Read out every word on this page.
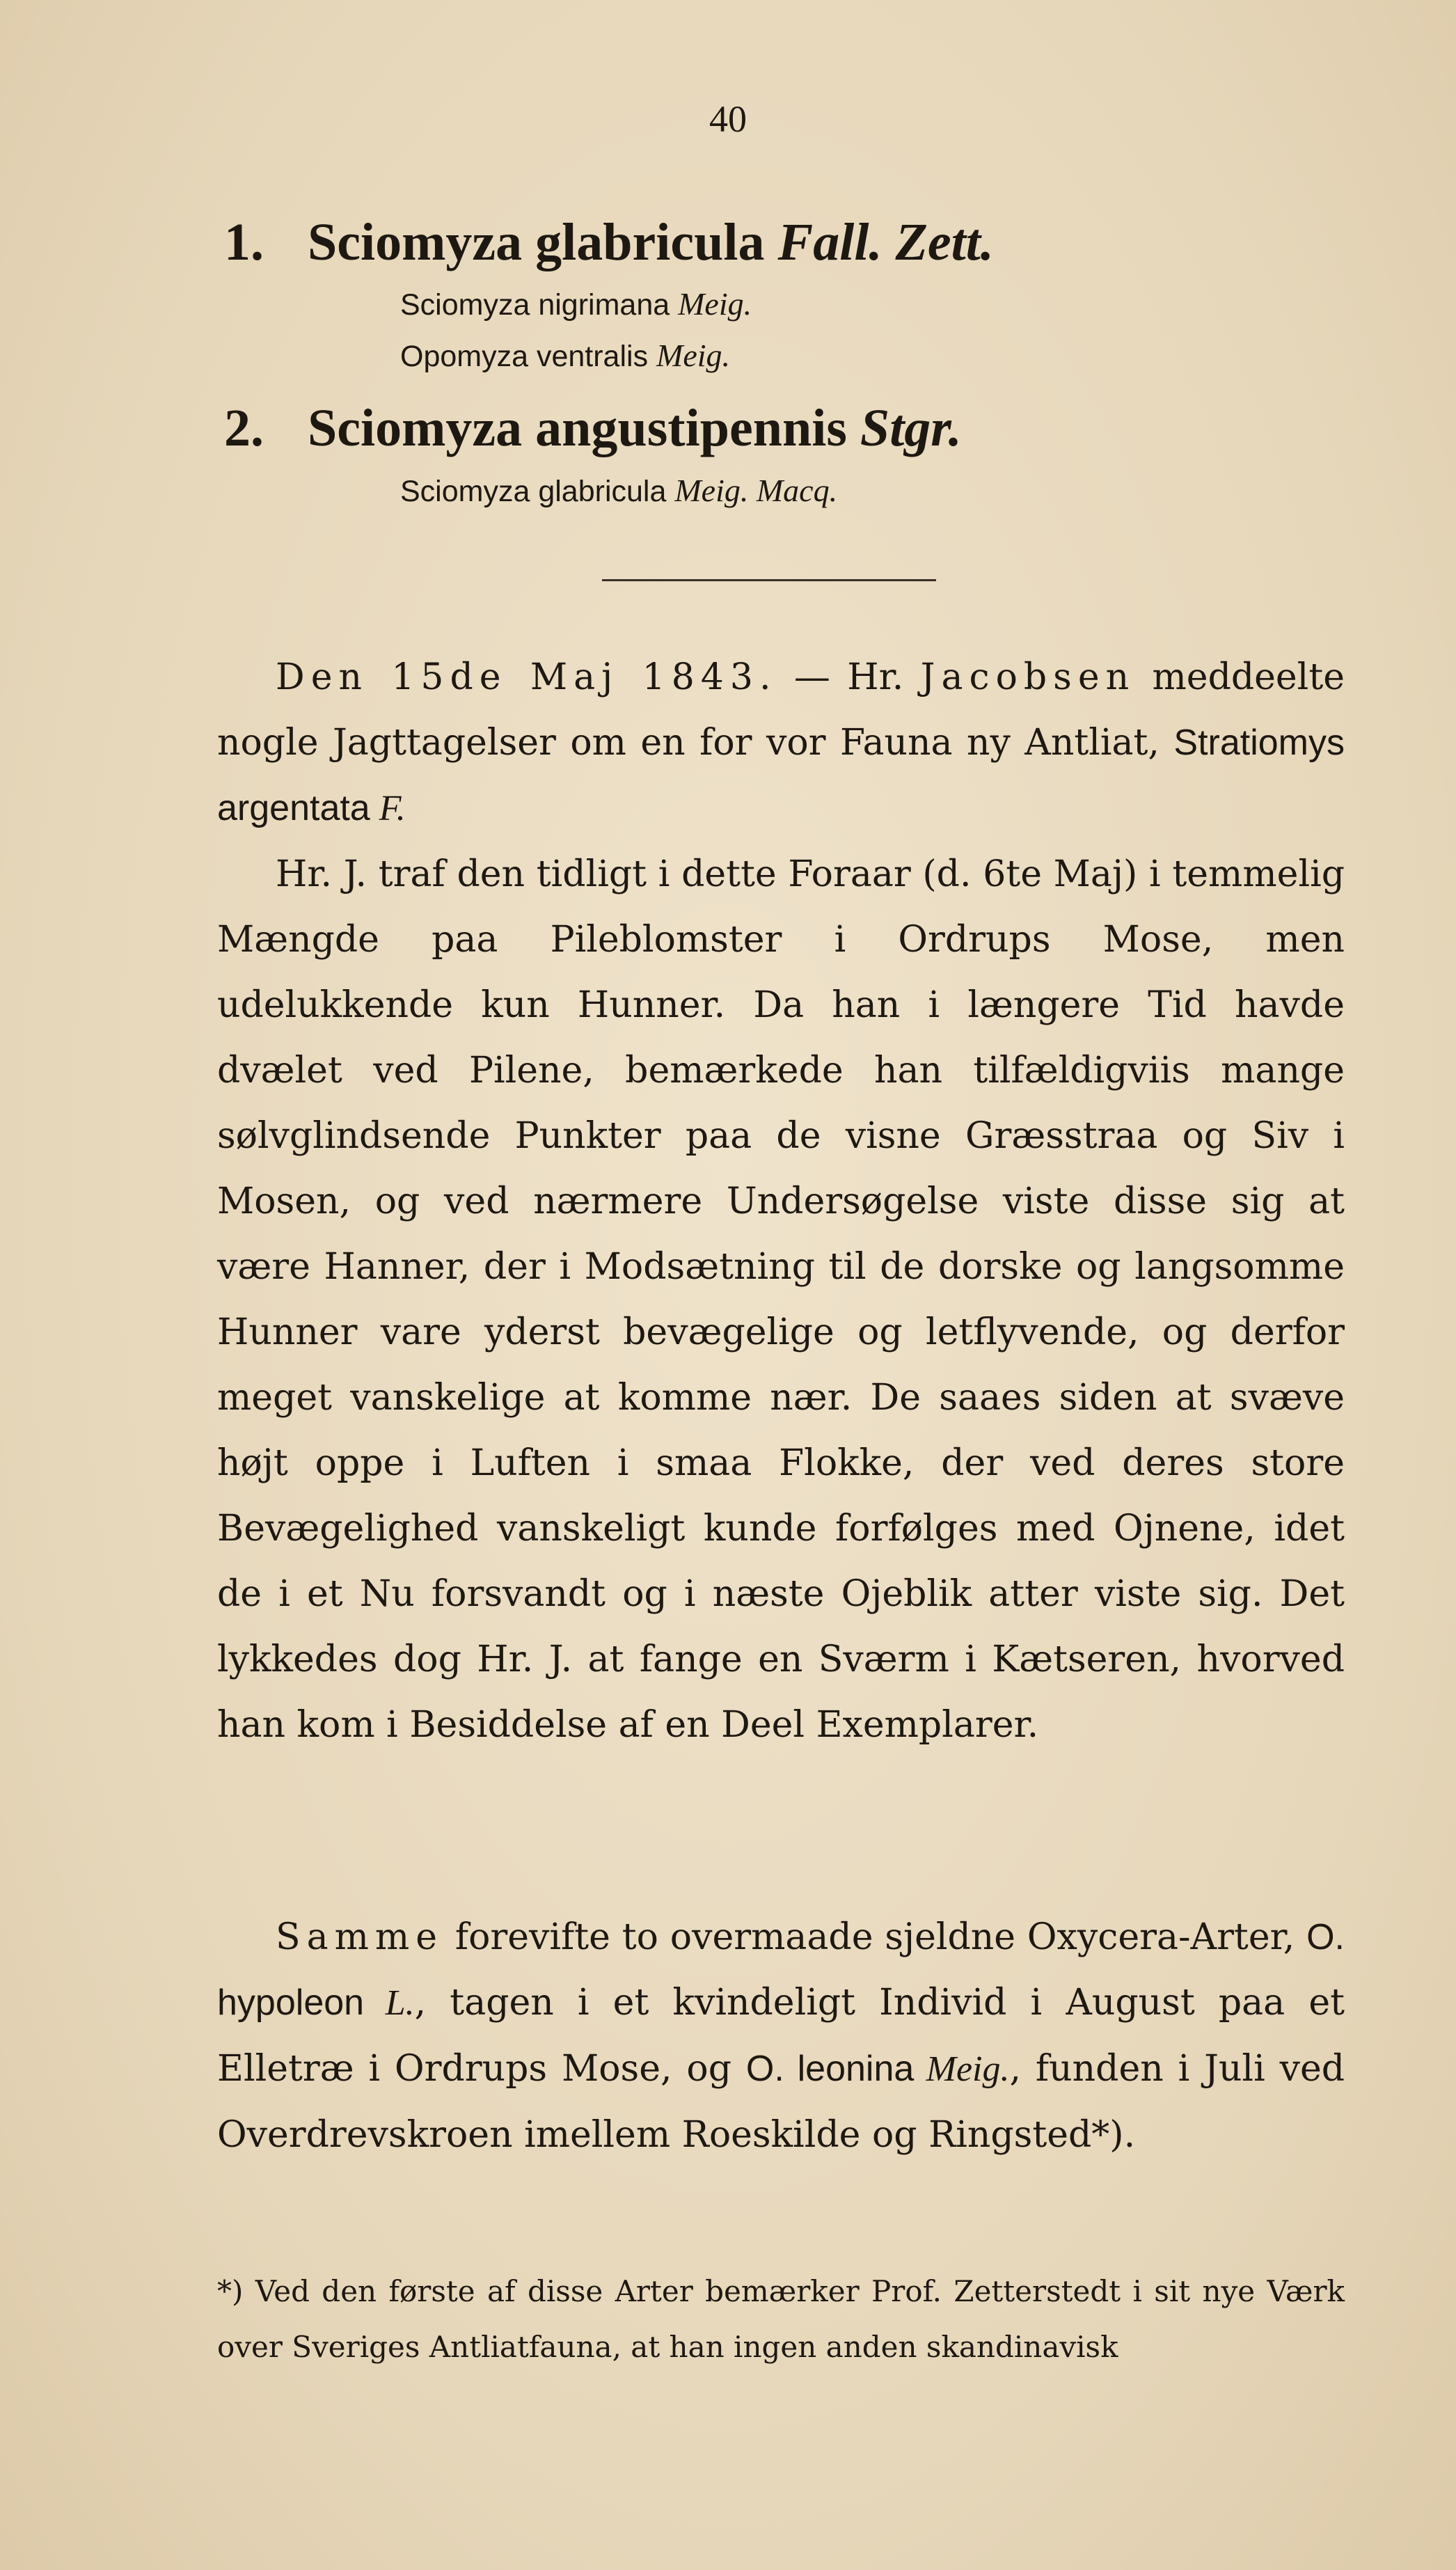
40
1. Sciomyza glabricula Fall. Zett.
Sciomyza nigrimana Meig.
Opomyza ventralis Meig.
2. Sciomyza angustipennis Stgr.
Sciomyza glabricula Meig. Macq.

Den 15de Maj 1843. — Hr. Jacobsen meddeelte nogle Jagttagelser om en for vor Fauna ny Antliat, Stratiomys argentata F.

Hr. J. traf den tidligt i dette Foraar (d. 6te Maj) i temmelig Mængde paa Pileblomster i Ordrups Mose, men udelukkende kun Hunner. Da han i længere Tid havde dvælet ved Pilene, bemærkede han tilfældigviis mange sølvglindsende Punkter paa de visne Græsstraa og Siv i Mosen, og ved nærmere Undersøgelse viste disse sig at være Hanner, der i Modsætning til de dorske og langsomme Hunner vare yderst bevægelige og letflyvende, og derfor meget vanskelige at komme nær. De saaes siden at svæve højt oppe i Luften i smaa Flokke, der ved deres store Bevægelighed vanskeligt kunde forfølges med Ojnene, idet de i et Nu forsvandt og i næste Ojeblik atter viste sig. Det lykkedes dog Hr. J. at fange en Sværm i Kætseren, hvorved han kom i Besiddelse af en Deel Exemplarer.

Samme forevifte to overmaade sjeldne Oxycera-Arter, O. hypoleon L., tagen i et kvindeligt Individ i August paa et Elletræ i Ordrups Mose, og O. leonina Meig., funden i Juli ved Overdrevskroen imellem Roeskilde og Ringsted*).

*) Ved den første af disse Arter bemærker Prof. Zetterstedt i sit nye Værk over Sveriges Antliatfauna, at han ingen anden skandinavisk
